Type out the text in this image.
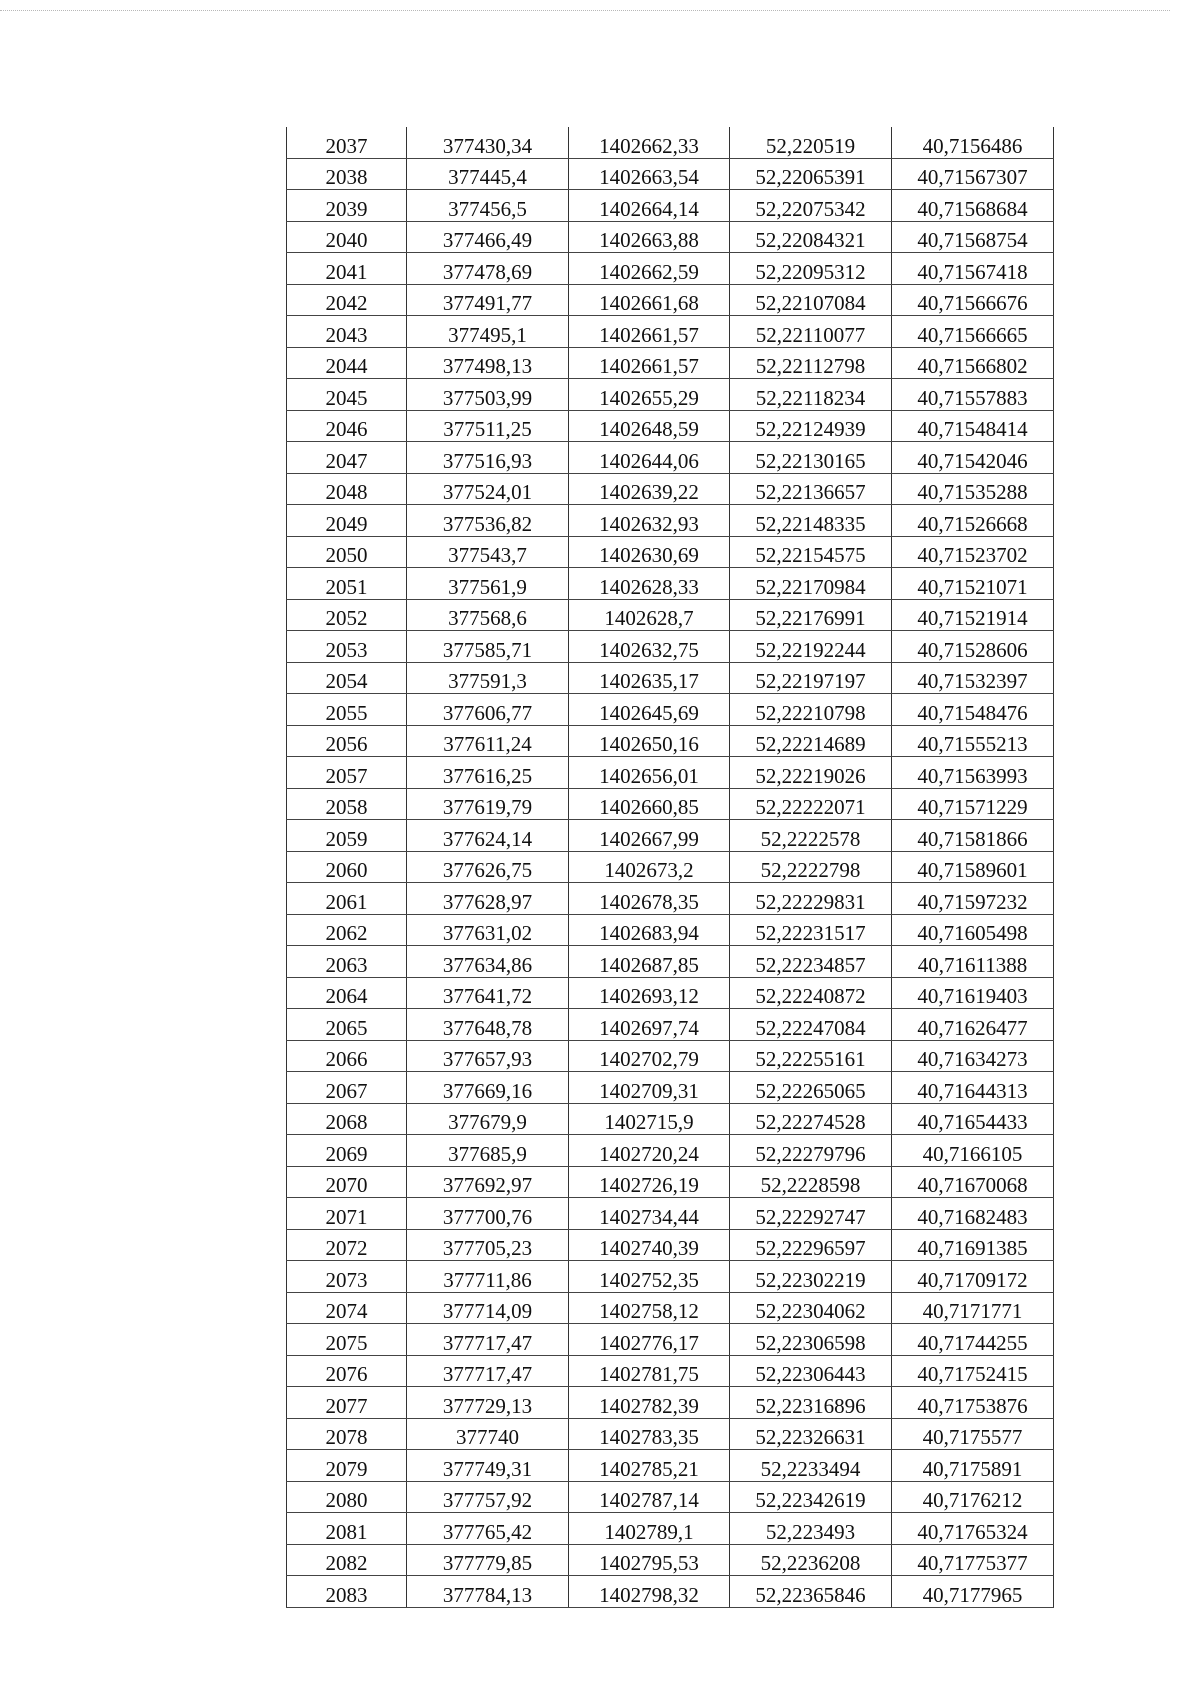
2037	377430,34	1402662,33	52,220519	40,7156486
2038	377445,4	1402663,54	52,22065391	40,71567307
2039	377456,5	1402664,14	52,22075342	40,71568684
2040	377466,49	1402663,88	52,22084321	40,71568754
2041	377478,69	1402662,59	52,22095312	40,71567418
2042	377491,77	1402661,68	52,22107084	40,71566676
2043	377495,1	1402661,57	52,22110077	40,71566665
2044	377498,13	1402661,57	52,22112798	40,71566802
2045	377503,99	1402655,29	52,22118234	40,71557883
2046	377511,25	1402648,59	52,22124939	40,71548414
2047	377516,93	1402644,06	52,22130165	40,71542046
2048	377524,01	1402639,22	52,22136657	40,71535288
2049	377536,82	1402632,93	52,22148335	40,71526668
2050	377543,7	1402630,69	52,22154575	40,71523702
2051	377561,9	1402628,33	52,22170984	40,71521071
2052	377568,6	1402628,7	52,22176991	40,71521914
2053	377585,71	1402632,75	52,22192244	40,71528606
2054	377591,3	1402635,17	52,22197197	40,71532397
2055	377606,77	1402645,69	52,22210798	40,71548476
2056	377611,24	1402650,16	52,22214689	40,71555213
2057	377616,25	1402656,01	52,22219026	40,71563993
2058	377619,79	1402660,85	52,22222071	40,71571229
2059	377624,14	1402667,99	52,2222578	40,71581866
2060	377626,75	1402673,2	52,2222798	40,71589601
2061	377628,97	1402678,35	52,22229831	40,71597232
2062	377631,02	1402683,94	52,22231517	40,71605498
2063	377634,86	1402687,85	52,22234857	40,71611388
2064	377641,72	1402693,12	52,22240872	40,71619403
2065	377648,78	1402697,74	52,22247084	40,71626477
2066	377657,93	1402702,79	52,22255161	40,71634273
2067	377669,16	1402709,31	52,22265065	40,71644313
2068	377679,9	1402715,9	52,22274528	40,71654433
2069	377685,9	1402720,24	52,22279796	40,7166105
2070	377692,97	1402726,19	52,2228598	40,71670068
2071	377700,76	1402734,44	52,22292747	40,71682483
2072	377705,23	1402740,39	52,22296597	40,71691385
2073	377711,86	1402752,35	52,22302219	40,71709172
2074	377714,09	1402758,12	52,22304062	40,7171771
2075	377717,47	1402776,17	52,22306598	40,71744255
2076	377717,47	1402781,75	52,22306443	40,71752415
2077	377729,13	1402782,39	52,22316896	40,71753876
2078	377740	1402783,35	52,22326631	40,7175577
2079	377749,31	1402785,21	52,2233494	40,7175891
2080	377757,92	1402787,14	52,22342619	40,7176212
2081	377765,42	1402789,1	52,223493	40,71765324
2082	377779,85	1402795,53	52,2236208	40,71775377
2083	377784,13	1402798,32	52,22365846	40,7177965
